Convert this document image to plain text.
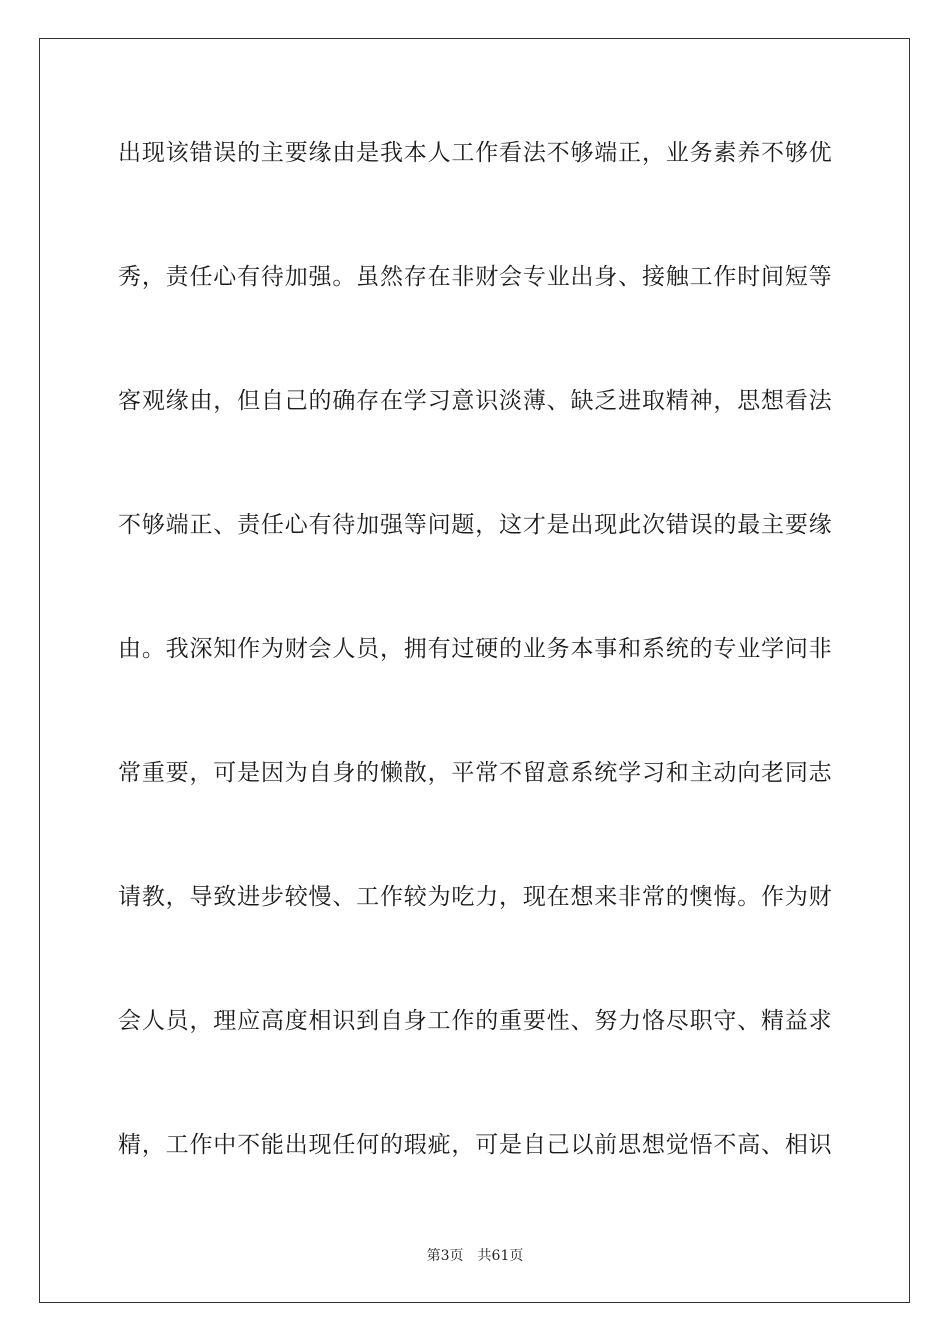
出现该错误的主要缘由是我本人工作看法不够端正，业务素养不够优
秀，责任心有待加强。虽然存在非财会专业出身、接触工作时间短等
客观缘由，但自己的确存在学习意识淡薄、缺乏进取精神，思想看法
不够端正、责任心有待加强等问题，这才是出现此次错误的最主要缘
由。我深知作为财会人员，拥有过硬的业务本事和系统的专业学问非
常重要，可是因为自身的懒散，平常不留意系统学习和主动向老同志
请教，导致进步较慢、工作较为吃力，现在想来非常的懊悔。作为财
会人员，理应高度相识到自身工作的重要性、努力恪尽职守、精益求
精，工作中不能出现任何的瑕疵，可是自己以前思想觉悟不高、相识
第3页 共61页
